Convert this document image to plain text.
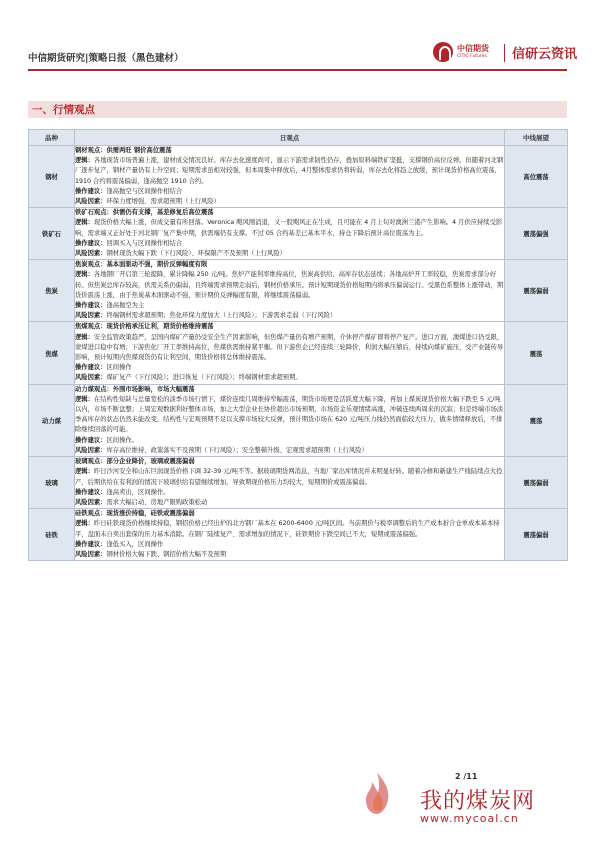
中信期货研究|策略日报（黑色建材）
中信期货
CITIC Futures 信研云资讯
一、行情观点
品种	日观点	中线展望
钢材	钢材观点：供需两旺 钢价高位震荡
逻辑：各地现货市场普遍上涨，建材成交情况良好。库存去化速度尚可，显示下游需求韧性仍存，叠加原料端铁矿坚挺，支撑钢价高位反弹。但随着河北钢厂逐步复产，钢材产量仍有上升空间；短期需求虽相对较强，但本周集中释放后，4月整体需求仍将转弱，库存去化将趋之放缓，预计现货价格高位震荡，1910 合约将震荡偏弱，逢高抛空 1910 合约。
操作建议：逢高抛空与区间操作相结合
风险因素：环保力度增强、需求超预期（上行风险）	高位震荡
铁矿石	铁矿石观点：供需仍有支撑，基差修复后高位震荡
逻辑：现货价格大幅上涨，但成交量有所回落。Veronica 飓风刚消退，又一股飓风正在生成，且可能在 4 月上旬对澳洲兰港产生影响。4 月供应持续受影响，需求端又正好处于河北钢厂复产集中期，供需端仍有支撑。不过 05 合约基差已基本平水，持仓下降后预计高位震荡为主。
操作建议：回调买入与区间操作相结合
风险因素：钢材现货大幅下跌（下行风险）、环保限产不及预期（上行风险）	震荡偏强
焦炭	焦炭观点：基本面驱动不强，期价反弹幅度有限
逻辑：各地钢厂开启第三轮提降，累计降幅 250 元/吨。焦炉产能利率维持高位，焦炭高供给、高库存状态延续；各地高炉开工率较稳，焦炭需求部分好转。但焦炭总库存较高，供需关系仍偏弱，且终端需求预期走弱后，钢材价格承压。预计短期现货价格短期内将承压偏弱运行。受黑色系整体上涨带动，期货价震荡上涨，由于焦炭基本面驱动不强，预计期价反弹幅度有限，将继续震荡偏弱。
操作建议：逢高抛空为主
风险因素：终端钢材需求超预期；焦化环保力度加大（上行风险）；下游需求走弱（下行风险）	震荡偏弱
焦煤	焦煤观点：现货价格承压让利，期货价格维持震荡
逻辑：安全监管政策趋严，呈国内煤矿产量仍受安全生产因素影响，但焦煤产量仍有增产预期，介休停产煤矿即将停产复产。进口方面，澳煤进口仍受限，蒙煤进口稳中有增；下游焦化厂开工率维持高位，焦煤供需维持紧平衡。但下游焦企已经连续三轮降价，利润大幅压缩后，持续向煤矿施压，受产业链传导影响，预计短期内焦煤现货仍有让利空间，期货价格将总体维持震荡。
操作建议：区间操作
风险因素：煤矿复产（下行风险）；进口恢复（下行风险）；终端钢材需求超预期。	震荡
动力煤	动力煤观点：外围市场影响，市场大幅震荡
逻辑：在结构性短缺与总量宽松的淡季市场行情下，煤价连续几周维持窄幅震荡，期货市场更是活跃度大幅下降，再加上煤炭现货价格大幅下跌至 5 元/吨以内，市场不断盘整；上周宏观数据利好整体市场，加之大型企业长协价超出市场预期，市场资金乐观情绪高涨，冲破连续两周来的沉寂；但是终端市场淡季高库存的状态仍然未能改变，结构性与宏观预期不足以支撑市场较大反弹，预计期货市场在 620 元/吨压力线仍然面临较大压力，做多情绪释放后，不排除继续回落的可能。
操作建议：区间操作。
风险因素：库存高位维持、政策落实不及预期（下行风险）；安全整顿升级、宏观需求超预期（上行风险）	震荡
玻璃	玻璃观点：部分企业降价，玻璃或震荡偏弱
逻辑：昨日沙河安全和山东巨润现货价格下调 32-39 元/吨不等。据玻璃期货网消息，当地厂家出库情况并未明显好转。随着冷修和新建生产线陆续点火投产，后期供给在有利润的情况下玻璃供给有望继续增加，导致期现价格压力均较大，短期期价或震荡偏弱。
操作建议：逢高卖出，区间操作。
风险因素：需求大幅启动、房地产限购政策松动	震荡偏弱
硅铁	硅铁观点：现货涨价持稳，硅铁或震荡偏弱
逻辑：昨日硅铁现货价格继续持稳，钢招价格已经出炉的北方钢厂基本在 6200-6400 元/吨区间。当前期价与税率调整后的生产成本折合仓单成本基本持平，盘面未自卖出套保的压力基本消除。在钢厂陆续复产、需求增加的情况下，硅铁期价下跌空间已不大，短期或震荡偏强。
操作建议：逢低买入，区间操作
风险因素：钢材价格大幅下跌、钢招价格大幅不及预期	震荡偏弱
2 /11
我的煤炭网
www.mycoal.cn
